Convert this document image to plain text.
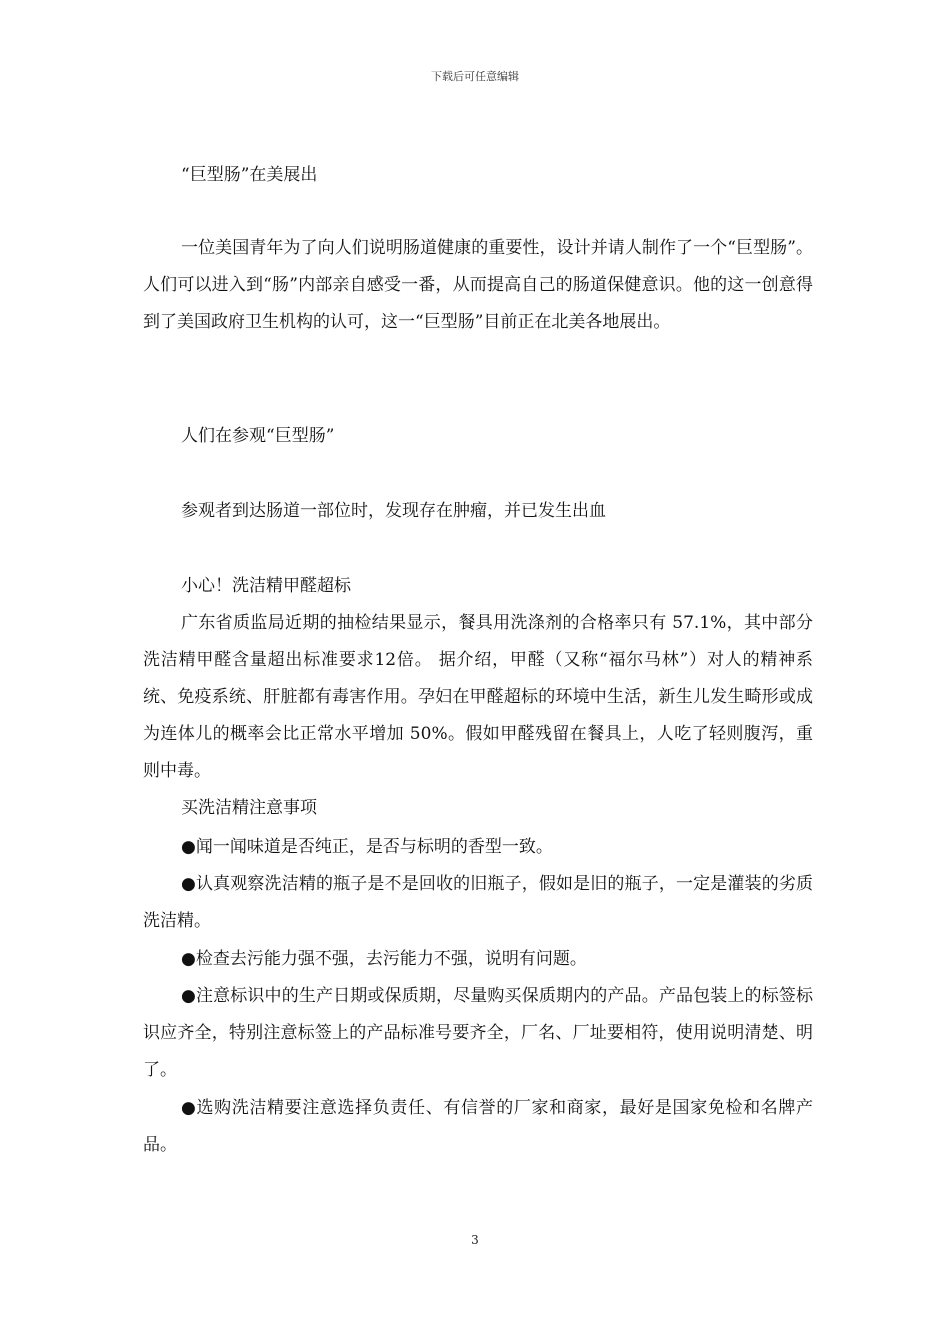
下载后可任意编辑
“巨型肠”在美展出
一位美国青年为了向人们说明肠道健康的重要性，设计并请人制作了一个“巨型肠”。人们可以进入到“肠”内部亲自感受一番，从而提高自己的肠道保健意识。他的这一创意得到了美国政府卫生机构的认可，这一“巨型肠”目前正在北美各地展出。
人们在参观“巨型肠”
参观者到达肠道一部位时，发现存在肿瘤，并已发生出血
小心！洗洁精甲醛超标
广东省质监局近期的抽检结果显示，餐具用洗涤剂的合格率只有 57.1%，其中部分洗洁精甲醛含量超出标准要求12倍。 据介绍，甲醛（又称“福尔马林”）对人的精神系统、免疫系统、肝脏都有毒害作用。孕妇在甲醛超标的环境中生活，新生儿发生畸形或成为连体儿的概率会比正常水平增加 50%。假如甲醛残留在餐具上，人吃了轻则腹泻，重则中毒。
买洗洁精注意事项
●闻一闻味道是否纯正，是否与标明的香型一致。
●认真观察洗洁精的瓶子是不是回收的旧瓶子，假如是旧的瓶子，一定是灌装的劣质洗洁精。
●检查去污能力强不强，去污能力不强，说明有问题。
●注意标识中的生产日期或保质期，尽量购买保质期内的产品。产品包装上的标签标识应齐全，特别注意标签上的产品标准号要齐全，厂名、厂址要相符，使用说明清楚、明了。
●选购洗洁精要注意选择负责任、有信誉的厂家和商家，最好是国家免检和名牌产品。
3
